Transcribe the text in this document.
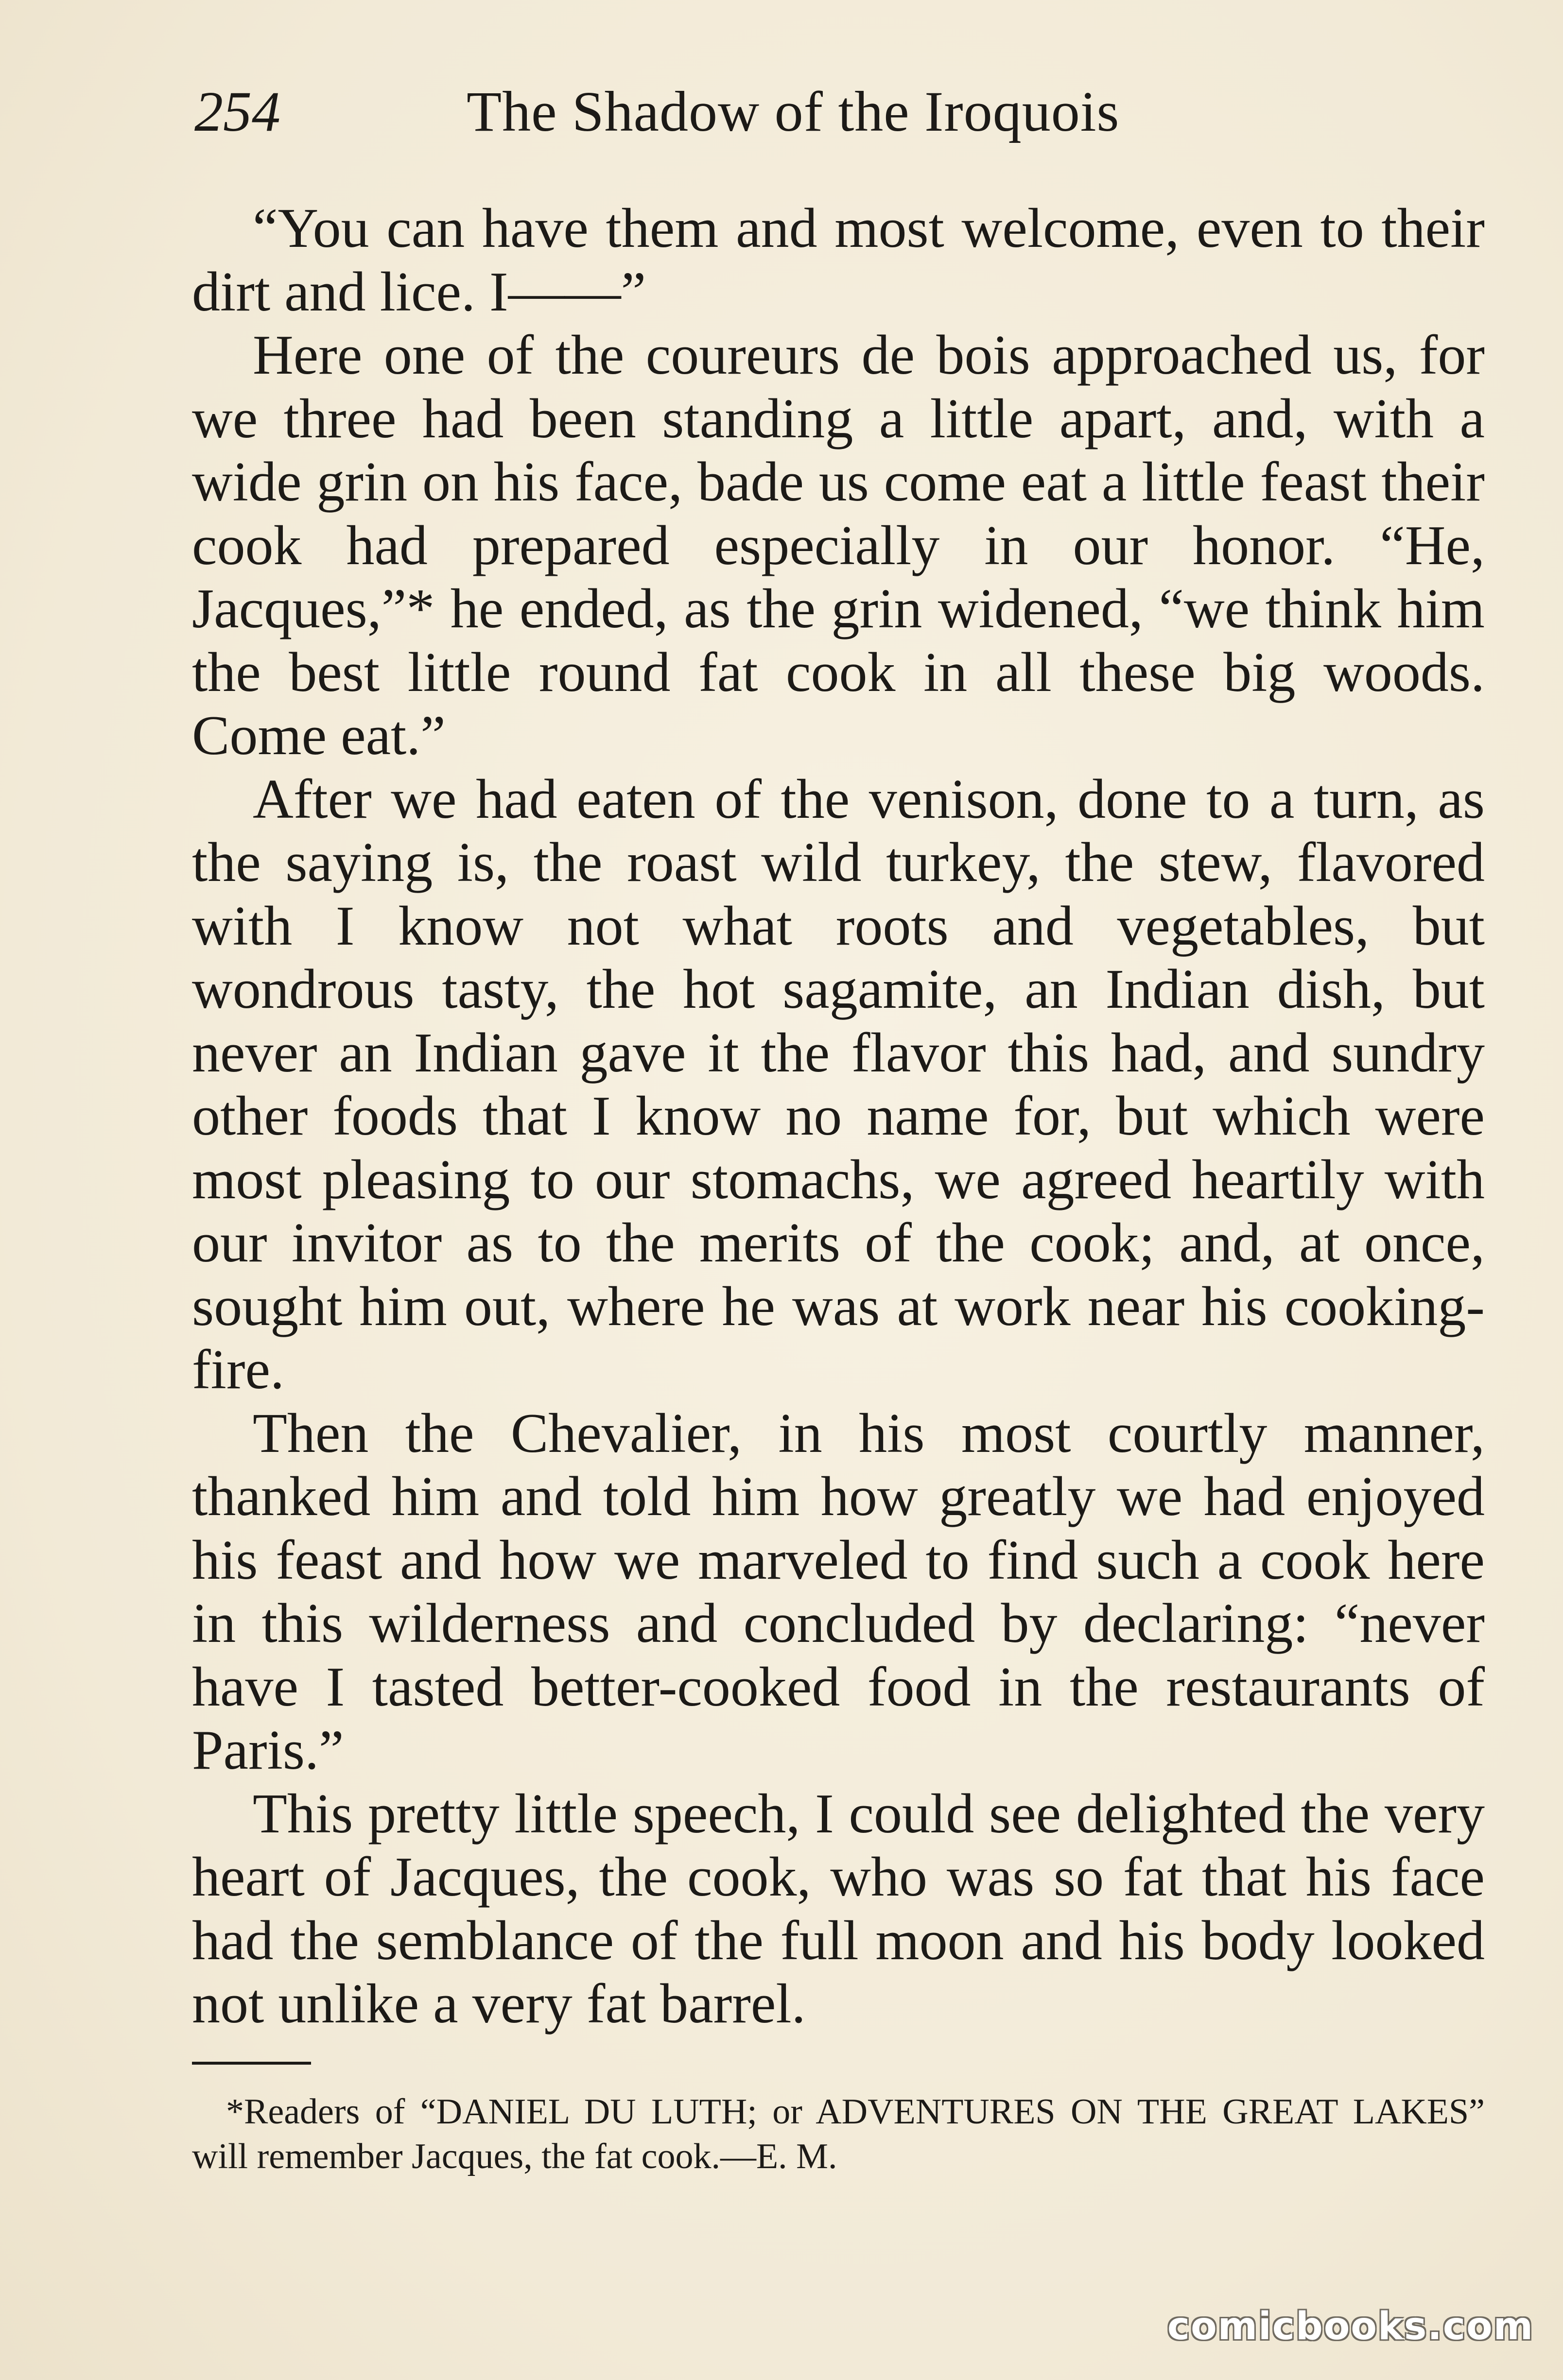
254	The Shadow of the Iroquois

“You can have them and most welcome, even to their dirt and lice. I——”

Here one of the coureurs de bois approached us, for we three had been standing a little apart, and, with a wide grin on his face, bade us come eat a little feast their cook had prepared especially in our honor. “He, Jacques,”* he ended, as the grin widened, “we think him the best little round fat cook in all these big woods. Come eat.”

After we had eaten of the venison, done to a turn, as the saying is, the roast wild turkey, the stew, flavored with I know not what roots and vegetables, but wondrous tasty, the hot sagamite, an Indian dish, but never an Indian gave it the flavor this had, and sundry other foods that I know no name for, but which were most pleasing to our stomachs, we agreed heartily with our invitor as to the merits of the cook; and, at once, sought him out, where he was at work near his cooking-fire.

Then the Chevalier, in his most courtly manner, thanked him and told him how greatly we had enjoyed his feast and how we marveled to find such a cook here in this wilderness and concluded by declaring: “never have I tasted better-cooked food in the restaurants of Paris.”

This pretty little speech, I could see delighted the very heart of Jacques, the cook, who was so fat that his face had the semblance of the full moon and his body looked not unlike a very fat barrel.

*Readers of “DANIEL DU LUTH; or ADVENTURES ON THE GREAT LAKES” will remember Jacques, the fat cook.—E. M.

comicbooks.com
